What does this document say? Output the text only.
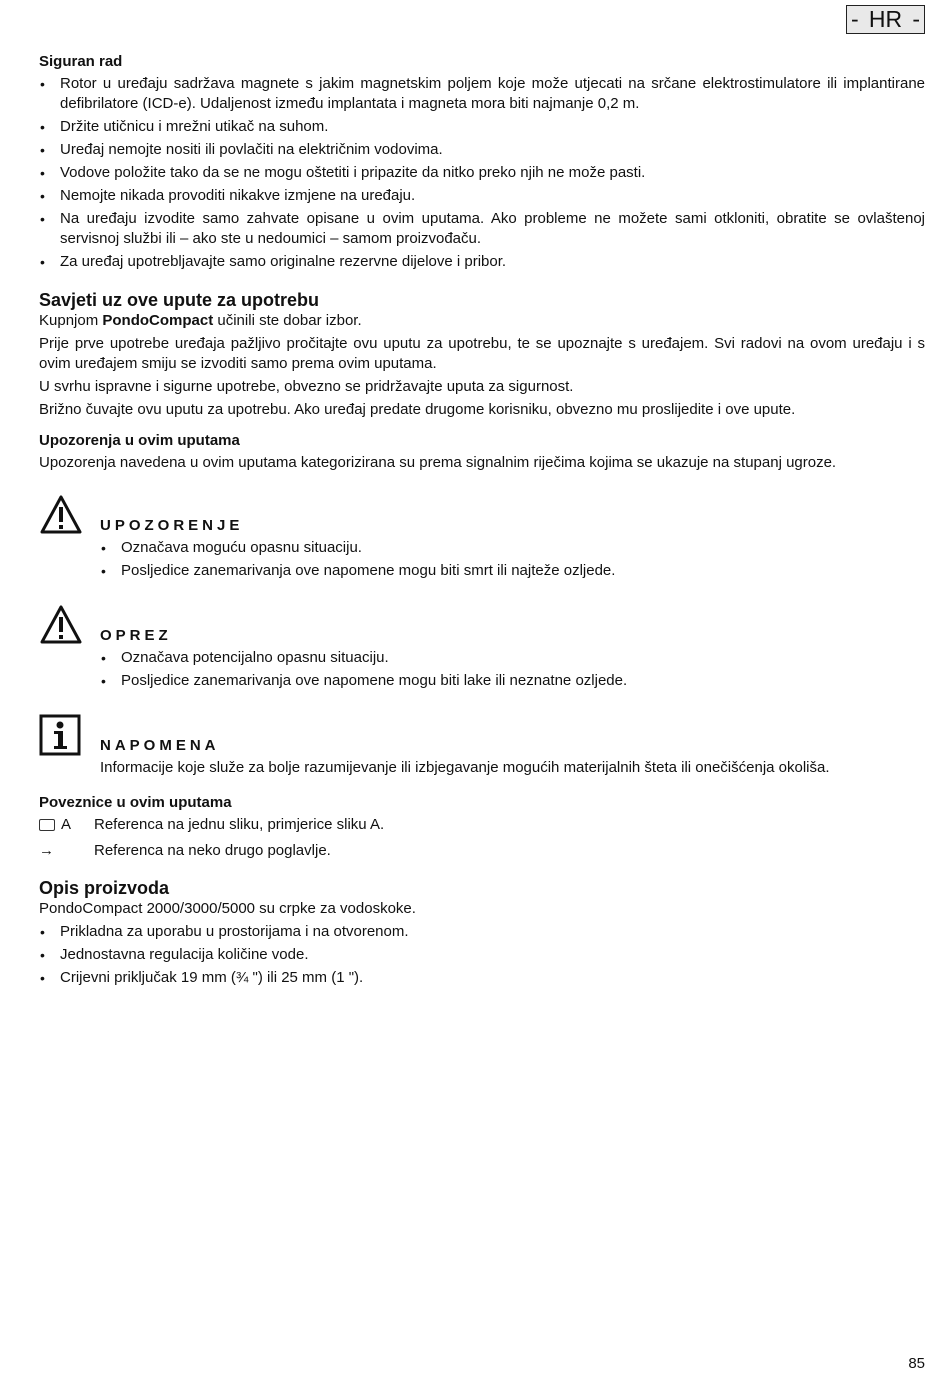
- HR -
Siguran rad
• Rotor u uređaju sadržava magnete s jakim magnetskim poljem koje može utjecati na srčane elektrostimulatore ili implantirane defibrilatore (ICD-e). Udaljenost između implantata i magneta mora biti najmanje 0,2 m.
• Držite utičnicu i mrežni utikač na suhom.
• Uređaj nemojte nositi ili povlačiti na električnim vodovima.
• Vodove položite tako da se ne mogu oštetiti i pripazite da nitko preko njih ne može pasti.
• Nemojte nikada provoditi nikakve izmjene na uređaju.
• Na uređaju izvodite samo zahvate opisane u ovim uputama. Ako probleme ne možete sami otkloniti, obratite se ovlaštenoj servisnoj službi ili – ako ste u nedoumici – samom proizvođaču.
• Za uređaj upotrebljavajte samo originalne rezervne dijelove i pribor.
Savjeti uz ove upute za upotrebu

Kupnjom PondoCompact učinili ste dobar izbor.

Prije prve upotrebe uređaja pažljivo pročitajte ovu uputu za upotrebu, te se upoznajte s uređajem. Svi radovi na ovom uređaju i s ovim uređajem smiju se izvoditi samo prema ovim uputama.

U svrhu ispravne i sigurne upotrebe, obvezno se pridržavajte uputa za sigurnost.

Brižno čuvajte ovu uputu za upotrebu. Ako uređaj predate drugome korisniku, obvezno mu proslijedite i ove upute.

Upozorenja u ovim uputama

Upozorenja navedena u ovim uputama kategorizirana su prema signalnim riječima kojima se ukazuje na stupanj ugroze.

UPOZORENJE
• Označava moguću opasnu situaciju.
• Posljedice zanemarivanja ove napomene mogu biti smrt ili najteže ozljede.
OPREZ
• Označava potencijalno opasnu situaciju.
• Posljedice zanemarivanja ove napomene mogu biti lake ili neznatne ozljede.
NAPOMENA

Informacije koje služe za bolje razumijevanje ili izbjegavanje mogućih materijalnih šteta ili onečišćenja okoliša.

Poveznice u ovim uputama
A Referenca na jednu sliku, primjerice sliku A.
→	Referenca na neko drugo poglavlje.
Opis proizvoda

PondoCompact 2000/3000/5000 su crpke za vodoskoke.

• Prikladna za uporabu u prostorijama i na otvorenom.
• Jednostavna regulacija količine vode.
• Crijevni priključak 19 mm (¾ ") ili 25 mm (1 ").
85
